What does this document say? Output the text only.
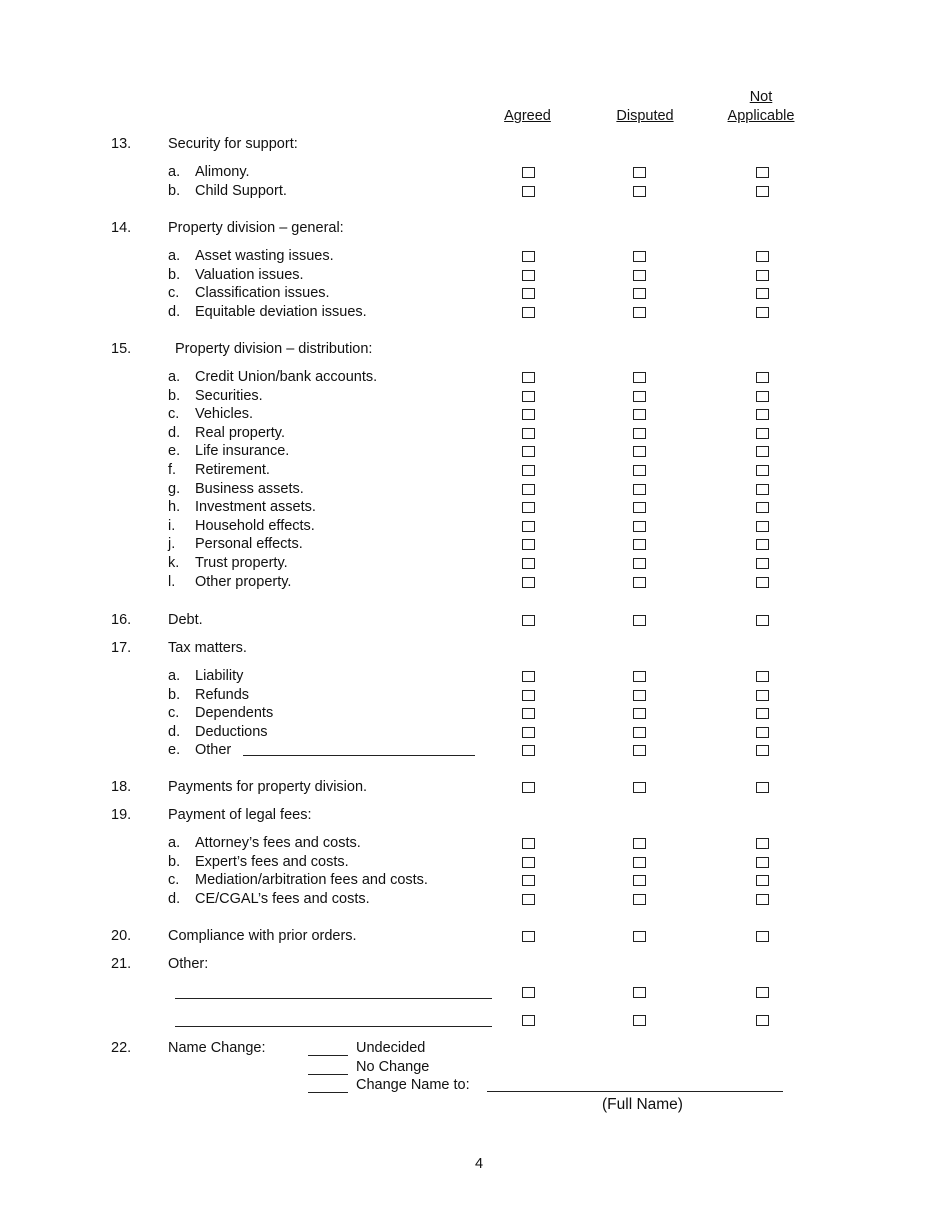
Agreed	Disputed
Not
Applicable
13.	Security for support:
a. Alimony.
b. Child Support.
14.	Property division – general:
a. Asset wasting issues.
b. Valuation issues.
c. Classification issues.
d. Equitable deviation issues.
15.	Property division – distribution:
a. Credit Union/bank accounts.
b. Securities.
c. Vehicles.
d. Real property.
e. Life insurance.
f. Retirement.
g. Business assets.
h. Investment assets.
i. Household effects.
j. Personal effects.
k. Trust property.
l. Other property.
16.	Debt.
17.	Tax matters.
a. Liability
b. Refunds
c. Dependents
d. Deductions
e. Other
18.	Payments for property division.
19.	Payment of legal fees:
a. Attorney’s fees and costs.
b. Expert’s fees and costs.
c. Mediation/arbitration fees and costs.
d. CE/CGAL’s fees and costs.
20.	Compliance with prior orders.
21.	Other:
22.	Name Change:	Undecided
No Change
Change Name to:
(Full Name)
4
